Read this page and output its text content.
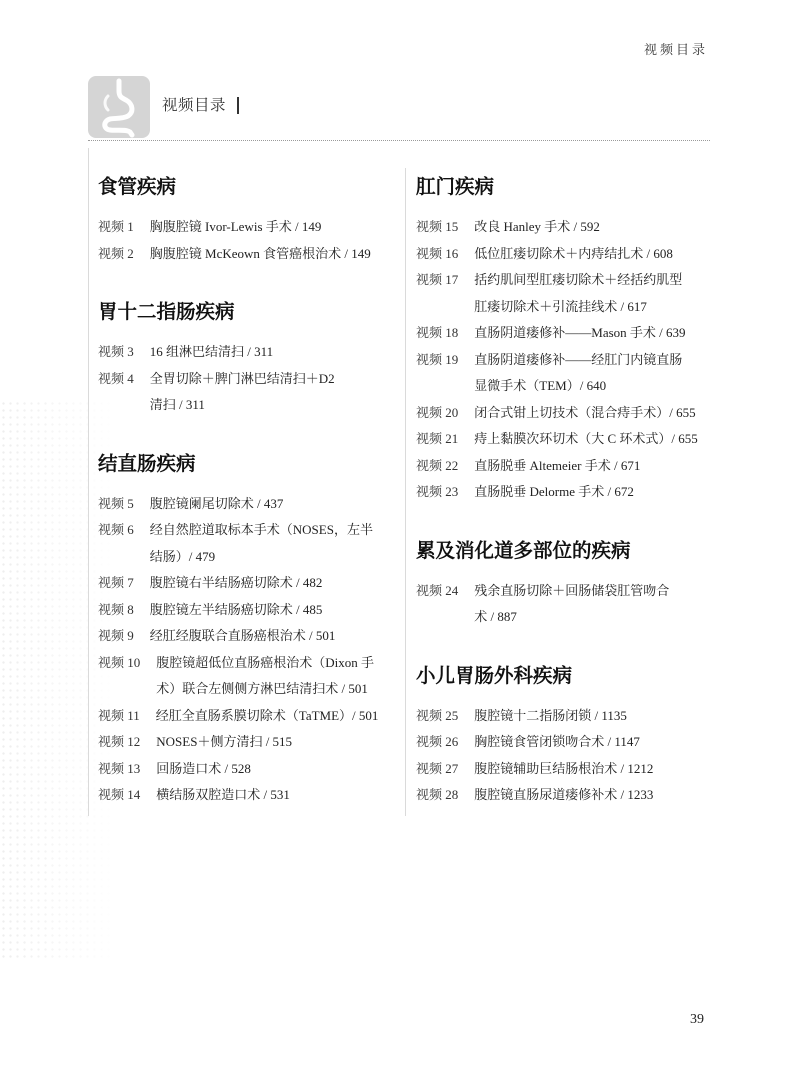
视频目录
视频目录
食管疾病
视频 1 胸腹腔镜 Ivor-Lewis 手术 / 149
视频 2 胸腹腔镜 McKeown 食管癌根治术 / 149
胃十二指肠疾病
视频 3 16 组淋巴结清扫 / 311
视频 4 全胃切除＋脾门淋巴结清扫＋D2
清扫 / 311
结直肠疾病
视频 5 腹腔镜阑尾切除术 / 437
视频 6 经自然腔道取标本手术（NOSES，左半
结肠）/ 479
视频 7 腹腔镜右半结肠癌切除术 / 482
视频 8 腹腔镜左半结肠癌切除术 / 485
视频 9 经肛经腹联合直肠癌根治术 / 501
视频 10 腹腔镜超低位直肠癌根治术（Dixon 手
术）联合左侧侧方淋巴结清扫术 / 501
视频 11 经肛全直肠系膜切除术（TaTME）/ 501
视频 12 NOSES＋侧方清扫 / 515
视频 13 回肠造口术 / 528
视频 14 横结肠双腔造口术 / 531
肛门疾病
视频 15 改良 Hanley 手术 / 592
视频 16 低位肛瘘切除术＋内痔结扎术 / 608
视频 17 括约肌间型肛瘘切除术＋经括约肌型
肛瘘切除术＋引流挂线术 / 617
视频 18 直肠阴道瘘修补——Mason 手术 / 639
视频 19 直肠阴道瘘修补——经肛门内镜直肠
显微手术（TEM）/ 640
视频 20 闭合式钳上切技术（混合痔手术）/ 655
视频 21 痔上黏膜次环切术（大 C 环术式）/ 655
视频 22 直肠脱垂 Altemeier 手术 / 671
视频 23 直肠脱垂 Delorme 手术 / 672
累及消化道多部位的疾病
视频 24 残余直肠切除＋回肠储袋肛管吻合
术 / 887
小儿胃肠外科疾病
视频 25 腹腔镜十二指肠闭锁 / 1135
视频 26 胸腔镜食管闭锁吻合术 / 1147
视频 27 腹腔镜辅助巨结肠根治术 / 1212
视频 28 腹腔镜直肠尿道瘘修补术 / 1233
39
